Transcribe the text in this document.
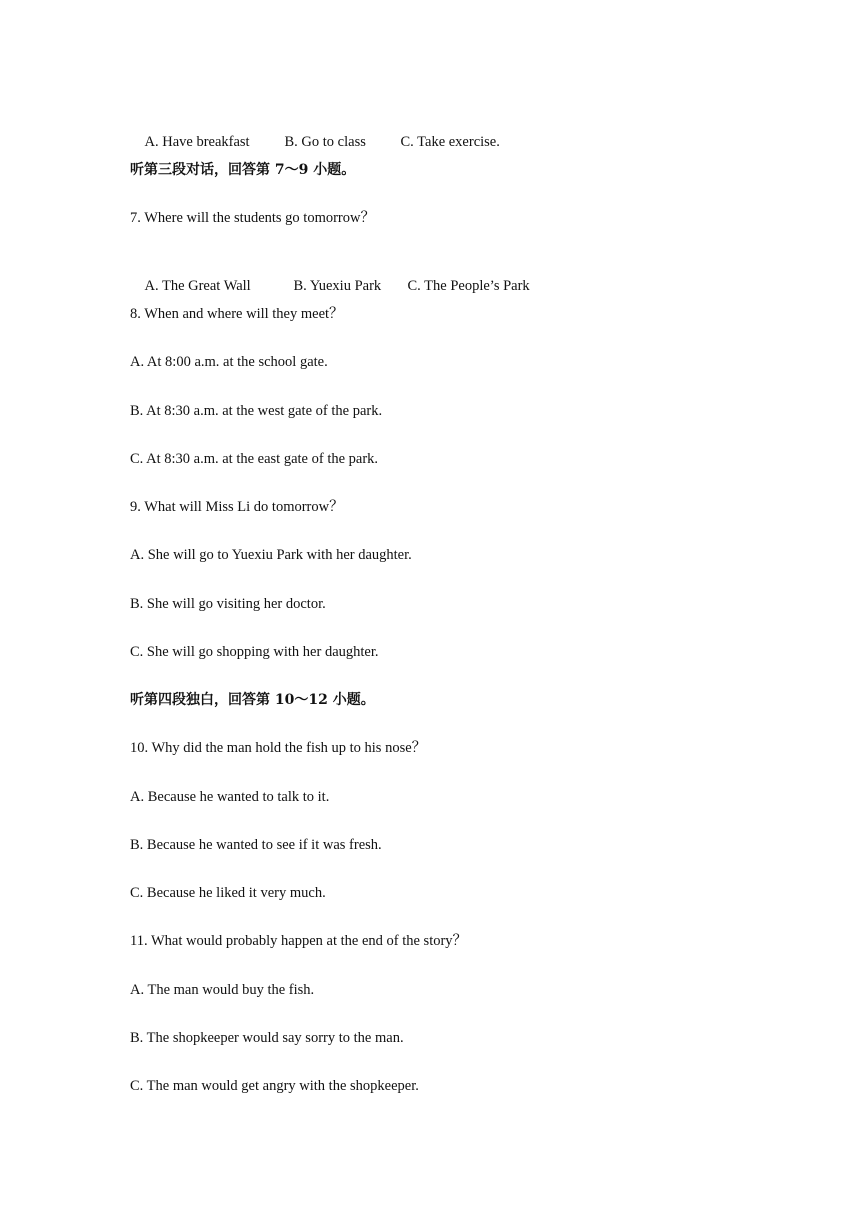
A. Have breakfast B. Go to class C. Take exercise.

听第三段对话，回答第 7～9 小题。
7. Where will the students go tomorrow？

A. The Great Wall	B. Yuexiu Park C. The People’s Park

8. When and where will they meet？
A. At 8:00 a.m. at the school gate.
B. At 8:30 a.m. at the west gate of the park.
C. At 8:30 a.m. at the east gate of the park.
9. What will Miss Li do tomorrow？
A. She will go to Yuexiu Park with her daughter.
B. She will go visiting her doctor.
C. She will go shopping with her daughter.
听第四段独白，回答第 10～12 小题。
10. Why did the man hold the fish up to his nose？
A. Because he wanted to talk to it.
B. Because he wanted to see if it was fresh.
C. Because he liked it very much.
11. What would probably happen at the end of the story？
A. The man would buy the fish.
B. The shopkeeper would say sorry to the man.
C. The man would get angry with the shopkeeper.
